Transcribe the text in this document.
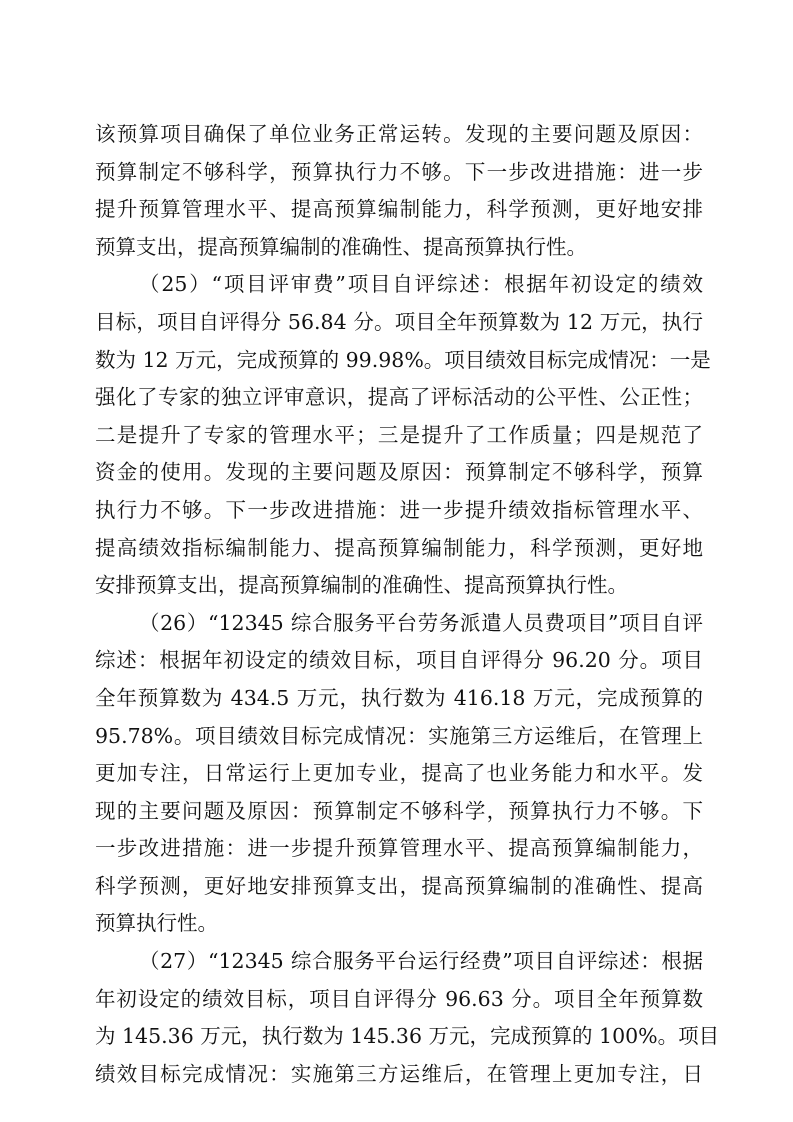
该预算项目确保了单位业务正常运转。发现的主要问题及原因：
预算制定不够科学，预算执行力不够。下一步改进措施：进一步
提升预算管理水平、提高预算编制能力，科学预测，更好地安排
预算支出，提高预算编制的准确性、提高预算执行性。
（25）“项目评审费”项目自评综述：根据年初设定的绩效
目标，项目自评得分 56.84 分。项目全年预算数为 12 万元，执行
数为 12 万元，完成预算的 99.98%。项目绩效目标完成情况：一是
强化了专家的独立评审意识，提高了评标活动的公平性、公正性；
二是提升了专家的管理水平；三是提升了工作质量；四是规范了
资金的使用。发现的主要问题及原因：预算制定不够科学，预算
执行力不够。下一步改进措施：进一步提升绩效指标管理水平、
提高绩效指标编制能力、提高预算编制能力，科学预测，更好地
安排预算支出，提高预算编制的准确性、提高预算执行性。
（26）“12345 综合服务平台劳务派遣人员费项目”项目自评
综述：根据年初设定的绩效目标，项目自评得分 96.20 分。项目
全年预算数为 434.5 万元，执行数为 416.18 万元，完成预算的
95.78%。项目绩效目标完成情况：实施第三方运维后，在管理上
更加专注，日常运行上更加专业，提高了也业务能力和水平。发
现的主要问题及原因：预算制定不够科学，预算执行力不够。下
一步改进措施：进一步提升预算管理水平、提高预算编制能力，
科学预测，更好地安排预算支出，提高预算编制的准确性、提高
预算执行性。
（27）“12345 综合服务平台运行经费”项目自评综述：根据
年初设定的绩效目标，项目自评得分 96.63 分。项目全年预算数
为 145.36 万元，执行数为 145.36 万元，完成预算的 100%。项目
绩效目标完成情况：实施第三方运维后，在管理上更加专注，日
